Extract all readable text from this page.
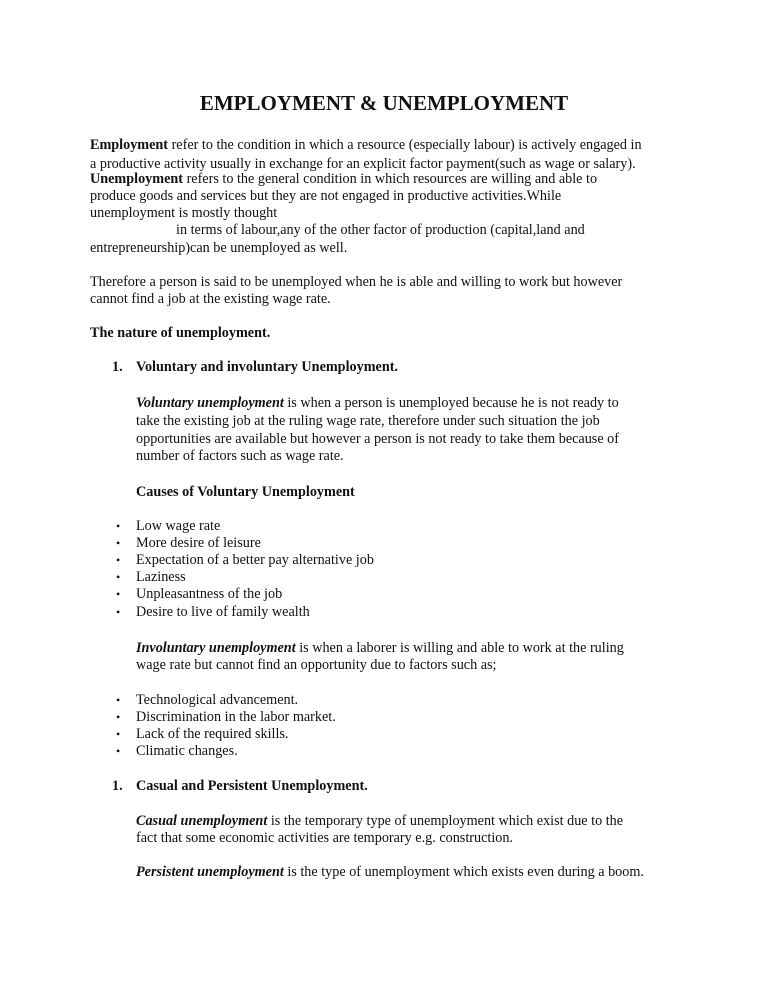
EMPLOYMENT & UNEMPLOYMENT
Employment refer to the condition in which a resource (especially labour) is actively engaged in
a productive activity usually in exchange for an explicit factor payment(such as wage or salary).
Unemployment refers to the general condition in which resources are willing and able to
produce goods and services but they are not engaged in productive activities.While
unemployment is mostly thought
in terms of labour,any of the other factor of production (capital,land and
entrepreneurship)can be unemployed as well.
Therefore a person is said to be unemployed when he is able and willing to work but however
cannot find a job at the existing wage rate.
The nature of unemployment.
1. Voluntary and involuntary Unemployment.
Voluntary unemployment is when a person is unemployed because he is not ready to
take the existing job at the ruling wage rate, therefore under such situation the job
opportunities are available but however a person is not ready to take them because of
number of factors such as wage rate.
Causes of Voluntary Unemployment
Involuntary unemployment is when a laborer is willing and able to work at the ruling
wage rate but cannot find an opportunity due to factors such as;
1. Casual and Persistent Unemployment.
Casual unemployment is the temporary type of unemployment which exist due to the
fact that some economic activities are temporary e.g. construction.
Persistent unemployment is the type of unemployment which exists even during a boom.
• Low wage rate
• More desire of leisure
• Expectation of a better pay alternative job
• Laziness
• Unpleasantness of the job
• Desire to live of family wealth
• Technological advancement.
• Discrimination in the labor market.
• Lack of the required skills.
• Climatic changes.
